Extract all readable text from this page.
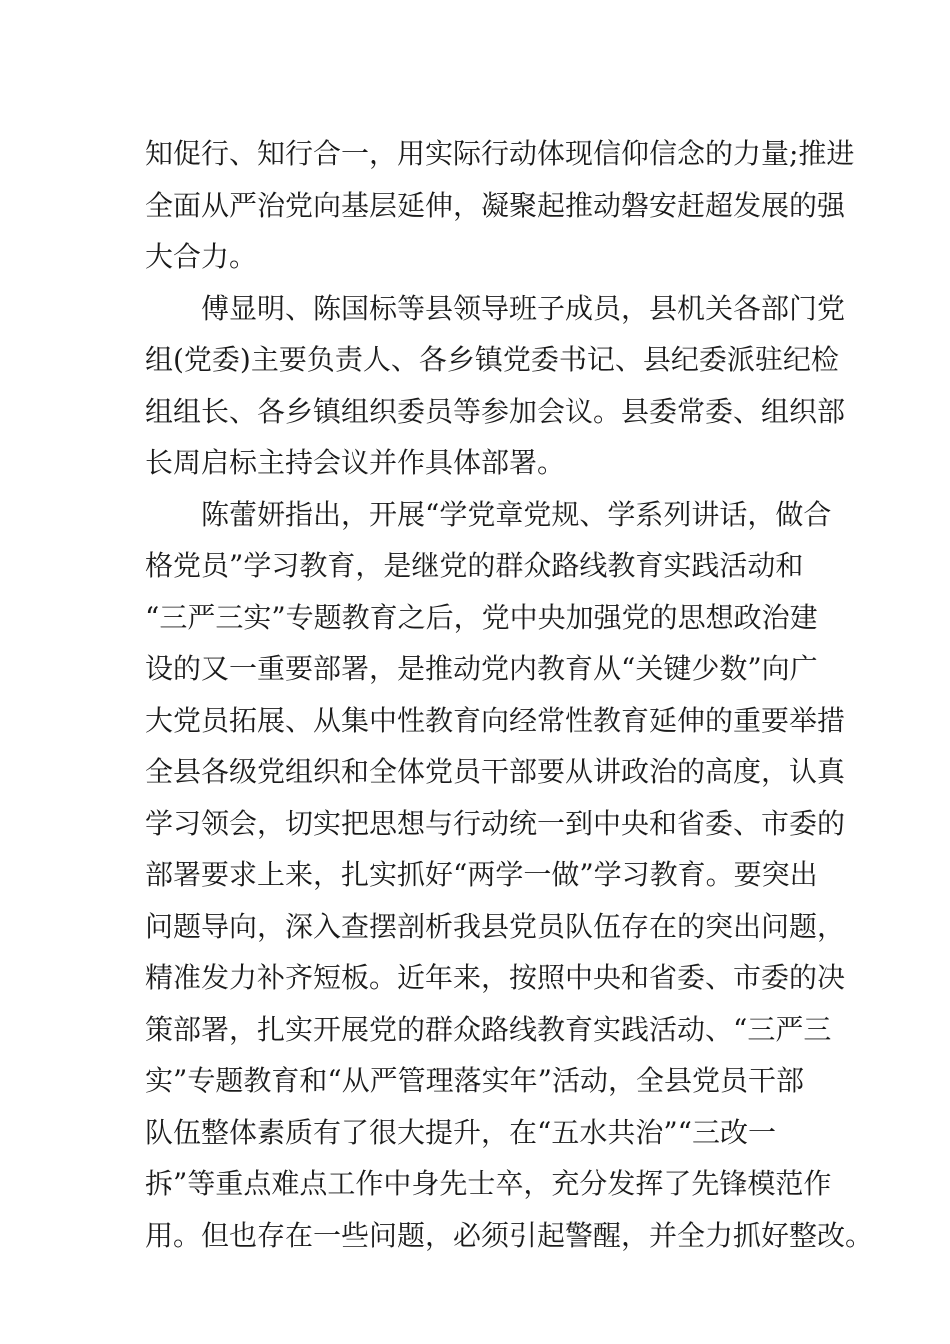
知促行、知行合一，用实际行动体现信仰信念的力量;推进
全面从严治党向基层延伸，凝聚起推动磐安赶超发展的强
大合力。
傅显明、陈国标等县领导班子成员，县机关各部门党
组(党委)主要负责人、各乡镇党委书记、县纪委派驻纪检
组组长、各乡镇组织委员等参加会议。县委常委、组织部
长周启标主持会议并作具体部署。
陈蕾妍指出，开展“学党章党规、学系列讲话，做合
格党员”学习教育，是继党的群众路线教育实践活动和
“三严三实”专题教育之后，党中央加强党的思想政治建
设的又一重要部署，是推动党内教育从“关键少数”向广
大党员拓展、从集中性教育向经常性教育延伸的重要举措
全县各级党组织和全体党员干部要从讲政治的高度，认真
学习领会，切实把思想与行动统一到中央和省委、市委的
部署要求上来，扎实抓好“两学一做”学习教育。要突出
问题导向，深入查摆剖析我县党员队伍存在的突出问题，
精准发力补齐短板。近年来，按照中央和省委、市委的决
策部署，扎实开展党的群众路线教育实践活动、“三严三
实”专题教育和“从严管理落实年”活动，全县党员干部
队伍整体素质有了很大提升，在“五水共治”“三改一
拆”等重点难点工作中身先士卒，充分发挥了先锋模范作
用。但也存在一些问题，必须引起警醒，并全力抓好整改。
